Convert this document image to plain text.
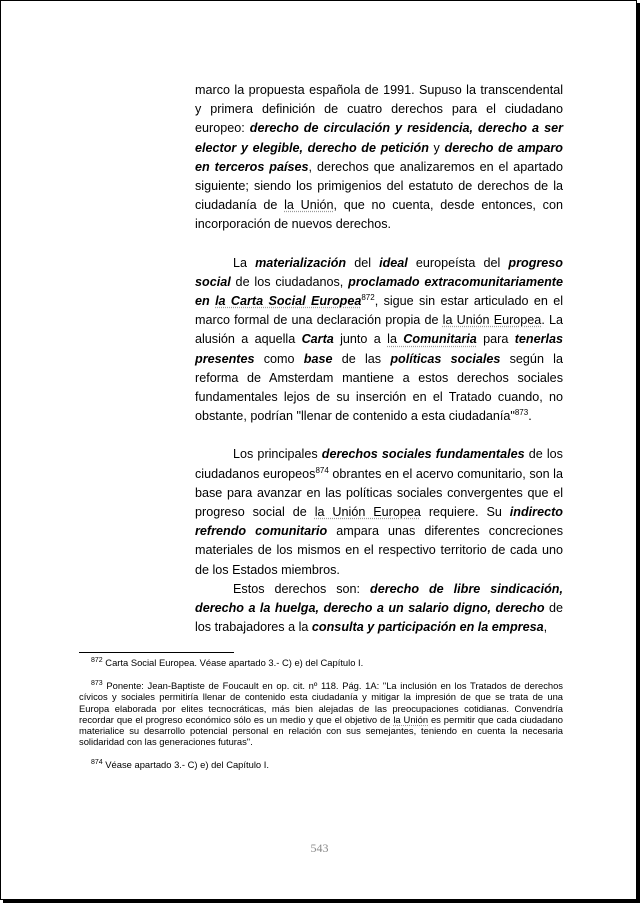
marco la propuesta española de 1991. Supuso la transcendental y primera definición de cuatro derechos para el ciudadano europeo: derecho de circulación y residencia, derecho a ser elector y elegible, derecho de petición y derecho de amparo en terceros países, derechos que analizaremos en el apartado siguiente; siendo los primigenios del estatuto de derechos de la ciudadanía de la Unión, que no cuenta, desde entonces, con incorporación de nuevos derechos.

La materialización del ideal europeísta del progreso social de los ciudadanos, proclamado extracomunitariamente en la Carta Social Europea$^{872}$, sigue sin estar articulado en el marco formal de una declaración propia de la Unión Europea. La alusión a aquella Carta junto a la Comunitaria para tenerlas presentes como base de las políticas sociales según la reforma de Amsterdam mantiene a estos derechos sociales fundamentales lejos de su inserción en el Tratado cuando, no obstante, podrían "llenar de contenido a esta ciudadanía"$^{873}$.

Los principales derechos sociales fundamentales de los ciudadanos europeos$^{874}$ obrantes en el acervo comunitario, son la base para avanzar en las políticas sociales convergentes que el progreso social de la Unión Europea requiere. Su indirecto refrendo comunitario ampara unas diferentes concreciones materiales de los mismos en el respectivo territorio de cada uno de los Estados miembros.

Estos derechos son: derecho de libre sindicación, derecho a la huelga, derecho a un salario digno, derecho de los trabajadores a la consulta y participación en la empresa,

$^{872}$ Carta Social Europea. Véase apartado 3.- C) e) del Capítulo I.

$^{873}$ Ponente: Jean-Baptiste de Foucault en op. cit. nº 118. Pág. 1A: "La inclusión en los Tratados de derechos cívicos y sociales permitiría llenar de contenido esta ciudadanía y mitigar la impresión de que se trata de una Europa elaborada por elites tecnocráticas, más bien alejadas de las preocupaciones cotidianas. Convendría recordar que el progreso económico sólo es un medio y que el objetivo de la Unión es permitir que cada ciudadano materialice su desarrollo potencial personal en relación con sus semejantes, teniendo en cuenta la necesaria solidaridad con las generaciones futuras".

$^{874}$ Véase apartado 3.- C) e) del Capítulo I.

543
